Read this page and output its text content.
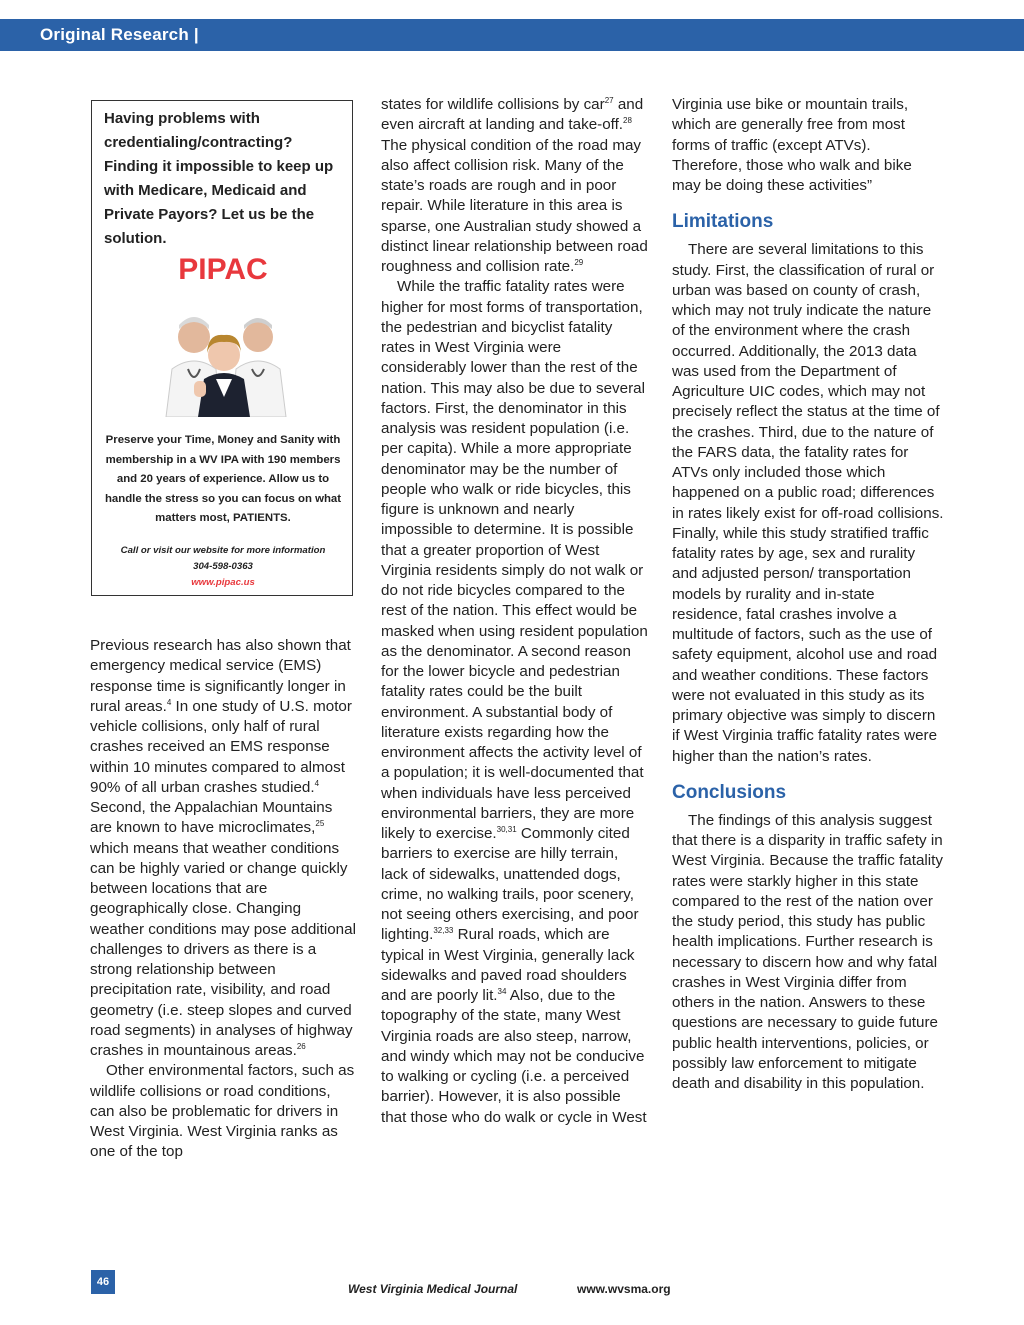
Original Research |
Having problems with credentialing/contracting? Finding it impossible to keep up with Medicare, Medicaid and Private Payors? Let us be the solution.
PIPAC
Preserve your Time, Money and Sanity with membership in a WV IPA with 190 members and 20 years of experience. Allow us to handle the stress so you can focus on what matters most, PATIENTS.
Call or visit our website for more information
304-598-0363
www.pipac.us

Previous research has also shown that emergency medical service (EMS) response time is significantly longer in rural areas.$^4$ In one study of U.S. motor vehicle collisions, only half of rural crashes received an EMS response within 10 minutes compared to almost 90% of all urban crashes studied.$^4$ Second, the Appalachian Mountains are known to have microclimates,$^{25}$ which means that weather conditions can be highly varied or change quickly between locations that are geographically close. Changing weather conditions may pose additional challenges to drivers as there is a strong relationship between precipitation rate, visibility, and road geometry (i.e. steep slopes and curved road segments) in analyses of highway crashes in mountainous areas.$^{26}$

Other environmental factors, such as wildlife collisions or road conditions, can also be problematic for drivers in West Virginia. West Virginia ranks as one of the top

states for wildlife collisions by car$^{27}$ and even aircraft at landing and take-off.$^{28}$ The physical condition of the road may also affect collision risk. Many of the state’s roads are rough and in poor repair. While literature in this area is sparse, one Australian study showed a distinct linear relationship between road roughness and collision rate.$^{29}$

While the traffic fatality rates were higher for most forms of transportation, the pedestrian and bicyclist fatality rates in West Virginia were considerably lower than the rest of the nation. This may also be due to several factors. First, the denominator in this analysis was resident population (i.e. per capita). While a more appropriate denominator may be the number of people who walk or ride bicycles, this figure is unknown and nearly impossible to determine. It is possible that a greater proportion of West Virginia residents simply do not walk or do not ride bicycles compared to the rest of the nation. This effect would be masked when using resident population as the denominator. A second reason for the lower bicycle and pedestrian fatality rates could be the built environment. A substantial body of literature exists regarding how the environment affects the activity level of a population; it is well-documented that when individuals have less perceived environmental barriers, they are more likely to exercise.$^{30,31}$ Commonly cited barriers to exercise are hilly terrain, lack of sidewalks, unattended dogs, crime, no walking trails, poor scenery, not seeing others exercising, and poor lighting.$^{32,33}$ Rural roads, which are typical in West Virginia, generally lack sidewalks and paved road shoulders and are poorly lit.$^{34}$ Also, due to the topography of the state, many West Virginia roads are also steep, narrow, and windy which may not be conducive to walking or cycling (i.e. a perceived barrier). However, it is also possible that those who do walk or cycle in West

Virginia use bike or mountain trails, which are generally free from most forms of traffic (except ATVs). Therefore, those who walk and bike may be doing these activities”

Limitations

There are several limitations to this study. First, the classification of rural or urban was based on county of crash, which may not truly indicate the nature of the environment where the crash occurred. Additionally, the 2013 data was used from the Department of Agriculture UIC codes, which may not precisely reflect the status at the time of the crashes. Third, due to the nature of the FARS data, the fatality rates for ATVs only included those which happened on a public road; differences in rates likely exist for off-road collisions. Finally, while this study stratified traffic fatality rates by age, sex and rurality and adjusted person/ transportation models by rurality and in-state residence, fatal crashes involve a multitude of factors, such as the use of safety equipment, alcohol use and road and weather conditions. These factors were not evaluated in this study as its primary objective was simply to discern if West Virginia traffic fatality rates were higher than the nation’s rates.

Conclusions

The findings of this analysis suggest that there is a disparity in traffic safety in West Virginia. Because the traffic fatality rates were starkly higher in this state compared to the rest of the nation over the study period, this study has public health implications. Further research is necessary to discern how and why fatal crashes in West Virginia differ from others in the nation. Answers to these questions are necessary to guide future public health interventions, policies, or possibly law enforcement to mitigate death and disability in this population.

46	West Virginia Medical Journal	www.wvsma.org
